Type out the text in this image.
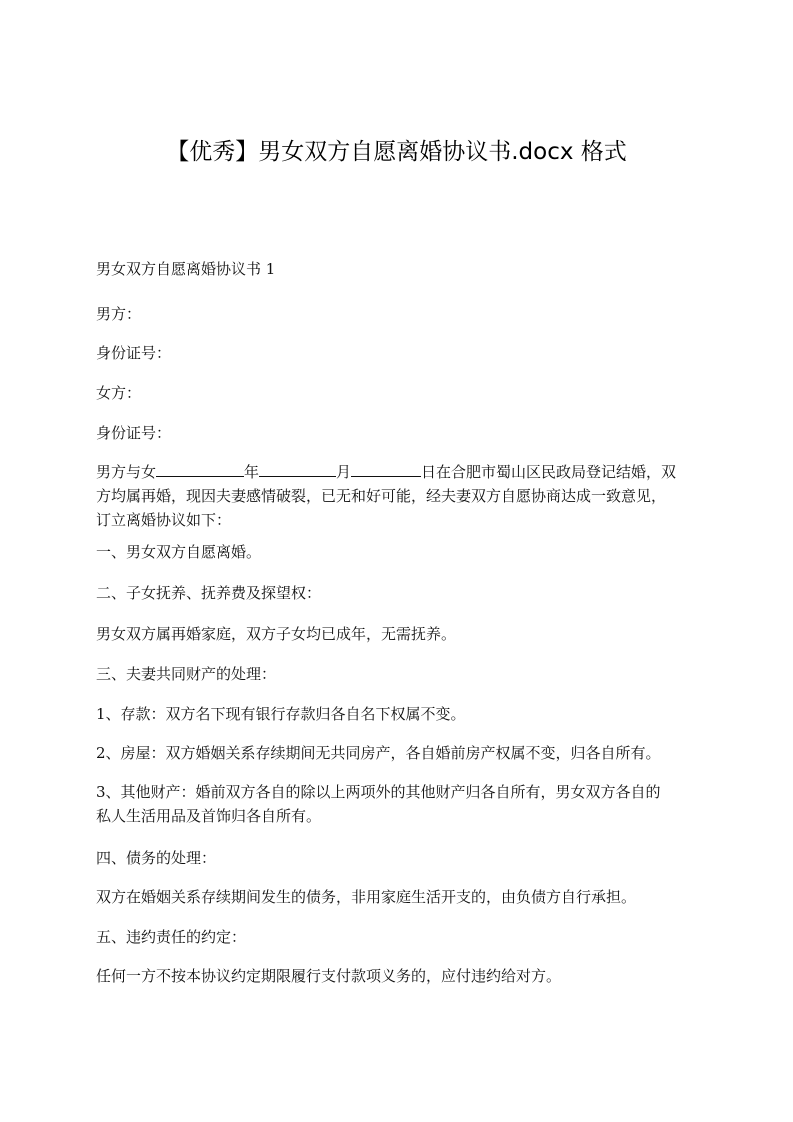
【优秀】男女双方自愿离婚协议书.docx 格式

男女双方自愿离婚协议书 1

男方：

身份证号：

女方：

身份证号：

男方与女	年	月	日在合肥市蜀山区民政局登记结婚，双
方均属再婚，现因夫妻感情破裂，已无和好可能，经夫妻双方自愿协商达成一致意见，
订立离婚协议如下：

一、男女双方自愿离婚。

二、子女抚养、抚养费及探望权：

男女双方属再婚家庭，双方子女均已成年，无需抚养。

三、夫妻共同财产的处理：

1、存款：双方名下现有银行存款归各自名下权属不变。

2、房屋：双方婚姻关系存续期间无共同房产，各自婚前房产权属不变，归各自所有。

3、其他财产：婚前双方各自的除以上两项外的其他财产归各自所有，男女双方各自的
私人生活用品及首饰归各自所有。

四、债务的处理：

双方在婚姻关系存续期间发生的债务，非用家庭生活开支的，由负债方自行承担。

五、违约责任的约定：

任何一方不按本协议约定期限履行支付款项义务的，应付违约给对方。
